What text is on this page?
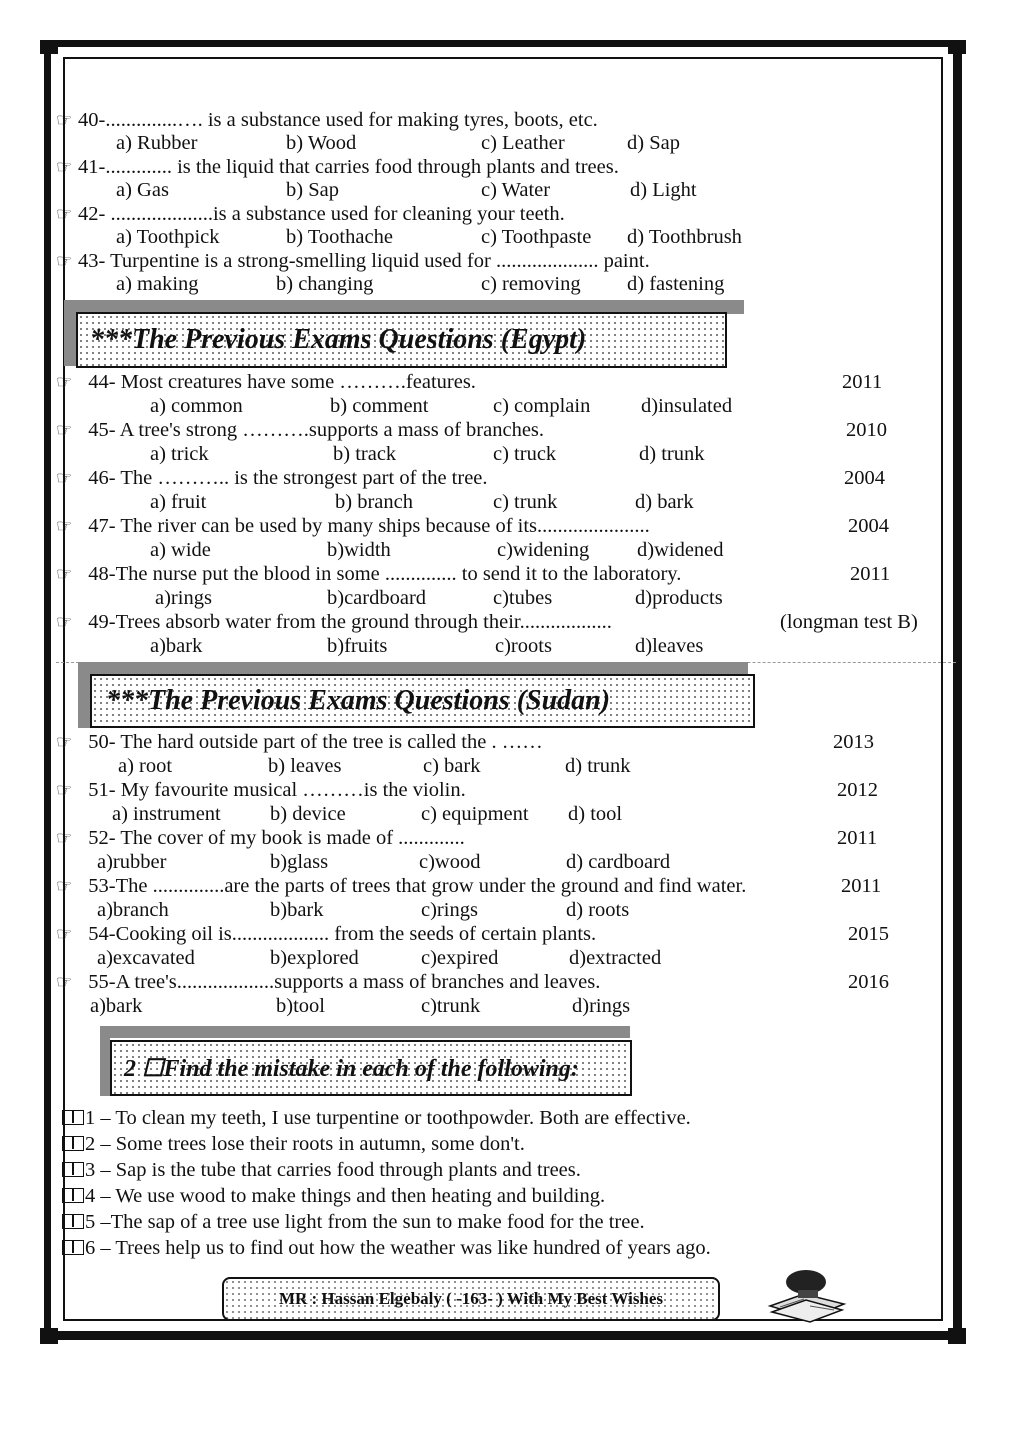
☞ 40-..............…. is a substance used for making tyres, boots, etc.
a) Rubber	b) Wood	c) Leather	d) Sap
☞ 41-............. is the liquid that carries food through plants and trees.
a) Gas	b) Sap	c) Water	d) Light
☞ 42- ....................is a substance used for cleaning your teeth.
a) Toothpick	b) Toothache	c) Toothpaste d) Toothbrush
☞ 43- Turpentine is a strong-smelling liquid used for .................... paint.
a) making	b) changing	c) removing d) fastening
***The Previous Exams Questions (Egypt)
☞ 44- Most creatures have some ……….features.	2011
a) common	b) comment	c) complain d)insulated
☞ 45- A tree's strong ……….supports a mass of branches.	2010
a) trick	b) track	c) truck	d) trunk
☞ 46- The ……….. is the strongest part of the tree.	2004
a) fruit	b) branch	c) trunk	d) bark
☞ 47- The river can be used by many ships because of its......................	2004
a) wide	b)width	c)widening d)widened
☞ 48-The nurse put the blood in some .............. to send it to the laboratory.	2011
a)rings	b)cardboard	c)tubes	d)products
☞ 49-Trees absorb water from the ground through their..................	(longman test B)
a)bark	b)fruits	c)roots	d)leaves
***The Previous Exams Questions (Sudan)
☞ 50- The hard outside part of the tree is called the . ……	2013
a) root	b) leaves	c) bark	d) trunk
☞ 51- My favourite musical ………is the violin.	2012
a) instrument b) device	c) equipment d) tool
☞ 52- The cover of my book is made of .............	2011
a)rubber	b)glass	c)wood	d) cardboard
☞ 53-The ..............are the parts of trees that grow under the ground and find water.	2011
a)branch	b)bark	c)rings	d) roots
☞ 54-Cooking oil is................... from the seeds of certain plants.	2015
a)excavated	b)explored	c)expired	d)extracted
☞ 55-A tree's...................supports a mass of branches and leaves.	2016
a)bark	b)tool	c)trunk	d)rings
2 ☐Find the mistake in each of the following:
1 – To clean my teeth, I use turpentine or toothpowder. Both are effective.
2 – Some trees lose their roots in autumn, some don't.
3 – Sap is the tube that carries food through plants and trees.
4 – We use wood to make things and then heating and building.
5 –The sap of a tree use light from the sun to make food for the tree.
6 – Trees help us to find out how the weather was like hundred of years ago.
MR : Hassan Elgebaly ( -163- ) With My Best Wishes
